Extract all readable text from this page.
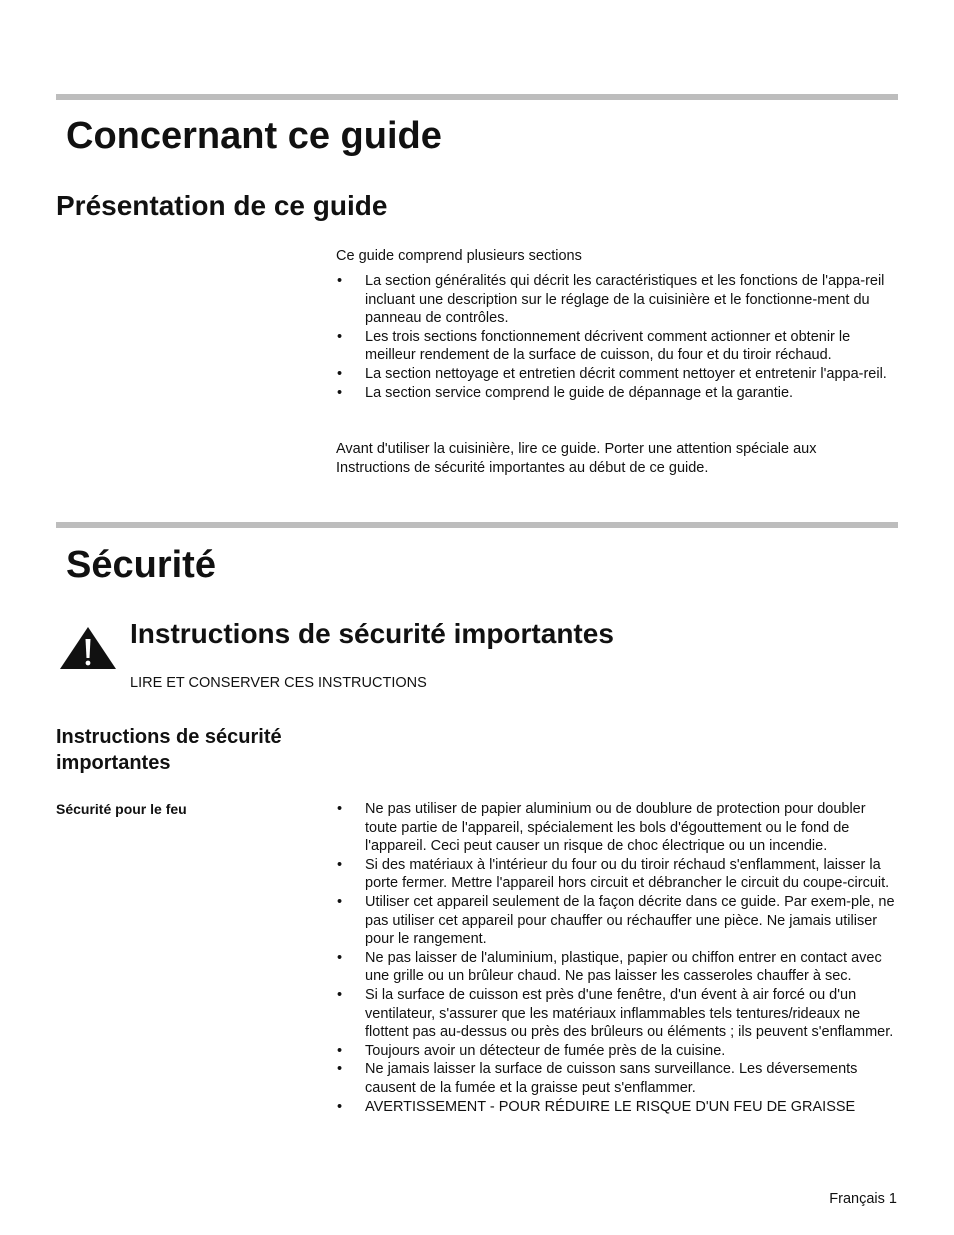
Concernant ce guide
Présentation de ce guide

Ce guide comprend plusieurs sections

• La section généralités qui décrit les caractéristiques et les fonctions de l'appa-reil incluant une description sur le réglage de la cuisinière et le fonctionne-ment du panneau de contrôles.
• Les trois sections fonctionnement décrivent comment actionner et obtenir le meilleur rendement de la surface de cuisson, du four et du tiroir réchaud.
• La section nettoyage et entretien décrit comment nettoyer et entretenir l'appa-reil.
• La section service comprend le guide de dépannage et la garantie.

Avant d'utiliser la cuisinière, lire ce guide. Porter une attention spéciale aux Instructions de sécurité importantes au début de ce guide.

Sécurité
Instructions de sécurité importantes

LIRE ET CONSERVER CES INSTRUCTIONS

Instructions de sécurité importantes
Sécurité pour le feu
•	Ne pas utiliser de papier aluminium ou de doublure de protection pour doubler toute partie de l'appareil, spécialement les bols d'égouttement ou le fond de l'appareil. Ceci peut causer un risque de choc électrique ou un incendie.
• Si des matériaux à l'intérieur du four ou du tiroir réchaud s'enflamment, laisser la porte fermer. Mettre l'appareil hors circuit et débrancher le circuit du coupe-circuit.
• Utiliser cet appareil seulement de la façon décrite dans ce guide. Par exem-ple, ne pas utiliser cet appareil pour chauffer ou réchauffer une pièce. Ne jamais utiliser pour le rangement.
• Ne pas laisser de l'aluminium, plastique, papier ou chiffon entrer en contact avec une grille ou un brûleur chaud. Ne pas laisser les casseroles chauffer à sec.
• Si la surface de cuisson est près d'une fenêtre, d'un évent à air forcé ou d'un ventilateur, s'assurer que les matériaux inflammables tels tentures/rideaux ne flottent pas au-dessus ou près des brûleurs ou éléments ; ils peuvent s'enflammer.
• Toujours avoir un détecteur de fumée près de la cuisine.
• Ne jamais laisser la surface de cuisson sans surveillance. Les déversements causent de la fumée et la graisse peut s'enflammer.
• AVERTISSEMENT - POUR RÉDUIRE LE RISQUE D'UN FEU DE GRAISSE

Français 1
